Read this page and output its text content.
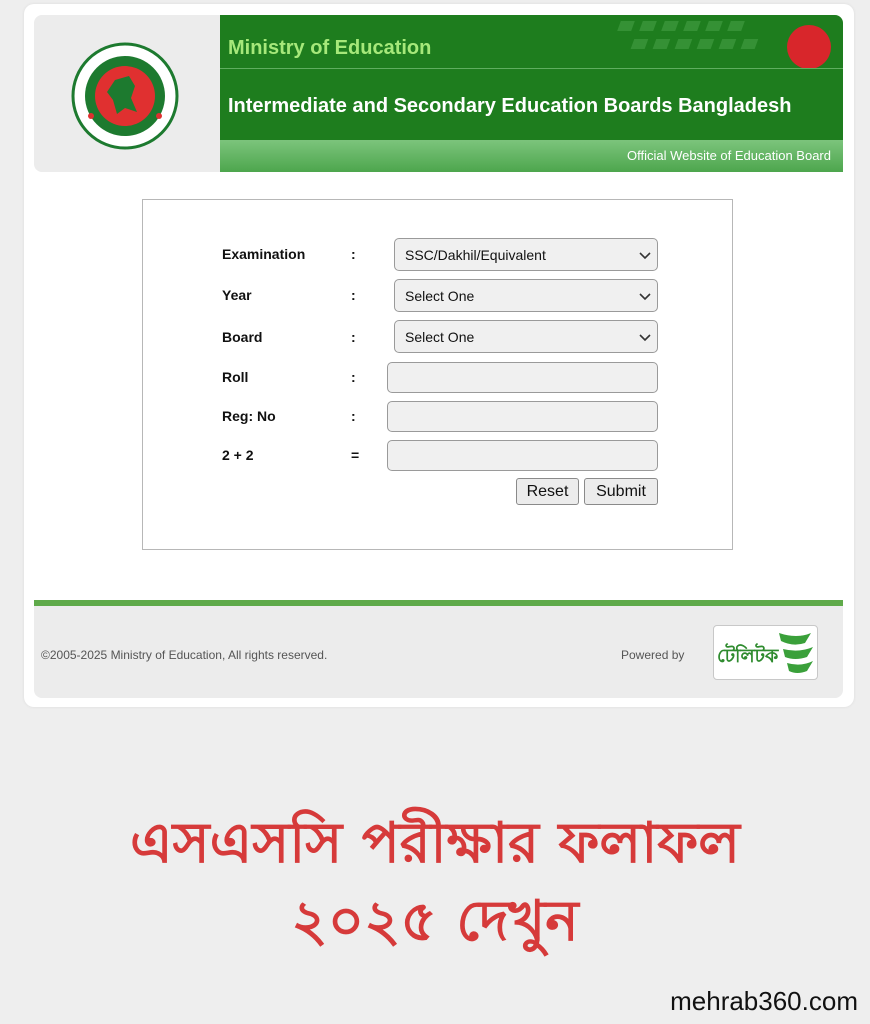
Ministry of Education
Intermediate and Secondary Education Boards Bangladesh
Official Website of Education Board
Examination	:	SSC/Dakhil/Equivalent
Year	:	Select One
Board	:	Select One
Roll	:
Reg: No	:
2 + 2	=
Reset	Submit
©2005-2025 Ministry of Education, All rights reserved.	Powered by টেলিটক
এসএসসি পরীক্ষার ফলাফল
২০২৫ দেখুন
mehrab360.com
